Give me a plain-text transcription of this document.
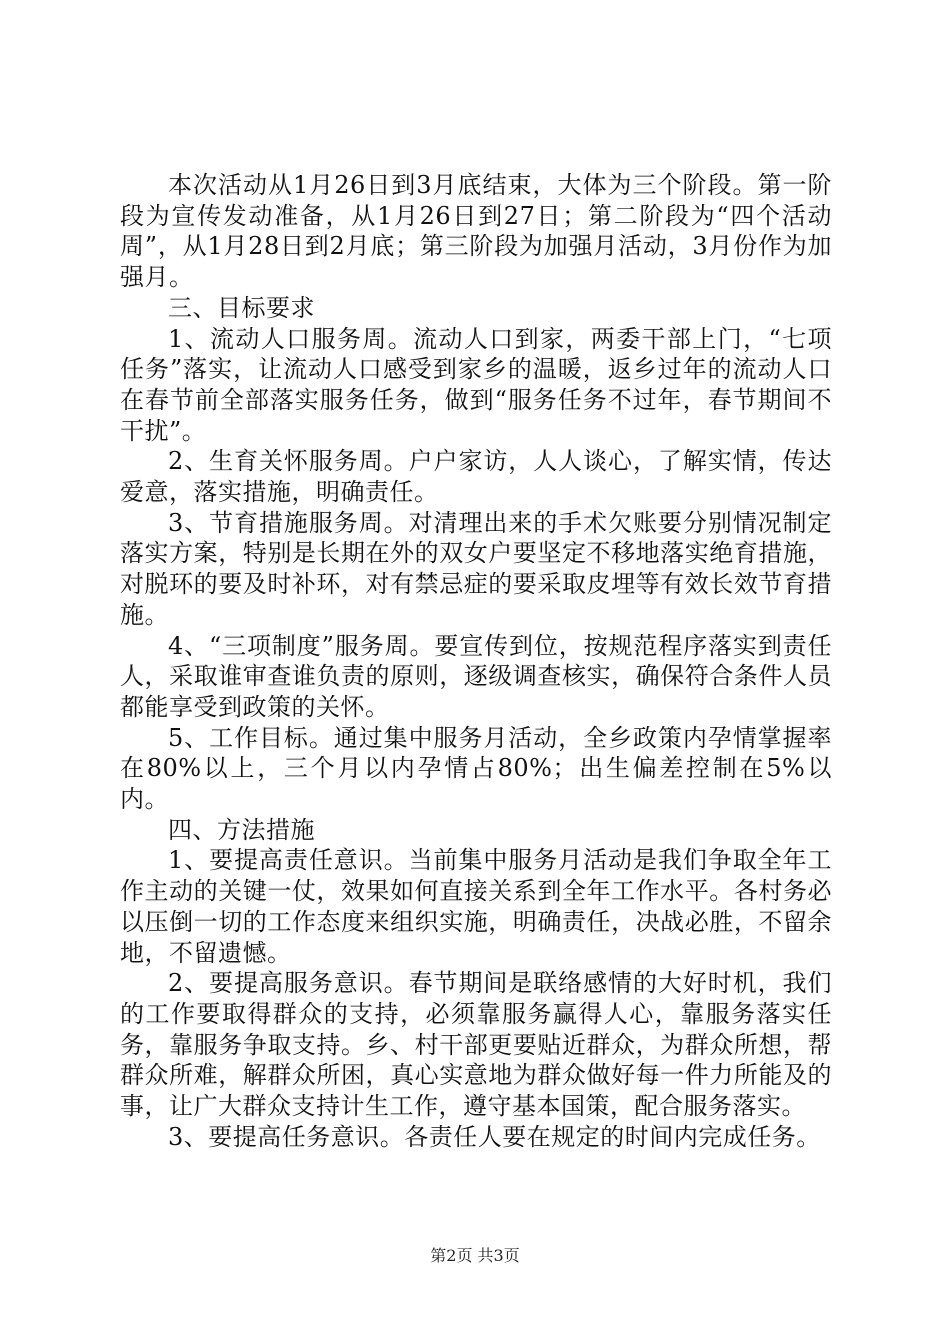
本次活动从1月26日到3月底结束，大体为三个阶段。第一阶段为宣传发动准备，从1月26日到27日；第二阶段为“四个活动周”，从1月28日到2月底；第三阶段为加强月活动，3月份作为加强月。

三、目标要求

1、流动人口服务周。流动人口到家，两委干部上门，“七项任务”落实，让流动人口感受到家乡的温暖，返乡过年的流动人口在春节前全部落实服务任务，做到“服务任务不过年，春节期间不干扰”。

2、生育关怀服务周。户户家访，人人谈心，了解实情，传达爱意，落实措施，明确责任。

3、节育措施服务周。对清理出来的手术欠账要分别情况制定落实方案，特别是长期在外的双女户要坚定不移地落实绝育措施，对脱环的要及时补环，对有禁忌症的要采取皮埋等有效长效节育措施。

4、“三项制度”服务周。要宣传到位，按规范程序落实到责任人，采取谁审查谁负责的原则，逐级调查核实，确保符合条件人员都能享受到政策的关怀。

5、工作目标。通过集中服务月活动，全乡政策内孕情掌握率在80%以上，三个月以内孕情占80%；出生偏差控制在5%以内。

四、方法措施

1、要提高责任意识。当前集中服务月活动是我们争取全年工作主动的关键一仗，效果如何直接关系到全年工作水平。各村务必以压倒一切的工作态度来组织实施，明确责任，决战必胜，不留余地，不留遗憾。

2、要提高服务意识。春节期间是联络感情的大好时机，我们的工作要取得群众的支持，必须靠服务赢得人心，靠服务落实任务，靠服务争取支持。乡、村干部更要贴近群众，为群众所想，帮群众所难，解群众所困，真心实意地为群众做好每一件力所能及的事，让广大群众支持计生工作，遵守基本国策，配合服务落实。

3、要提高任务意识。各责任人要在规定的时间内完成任务。

第2页 共3页
